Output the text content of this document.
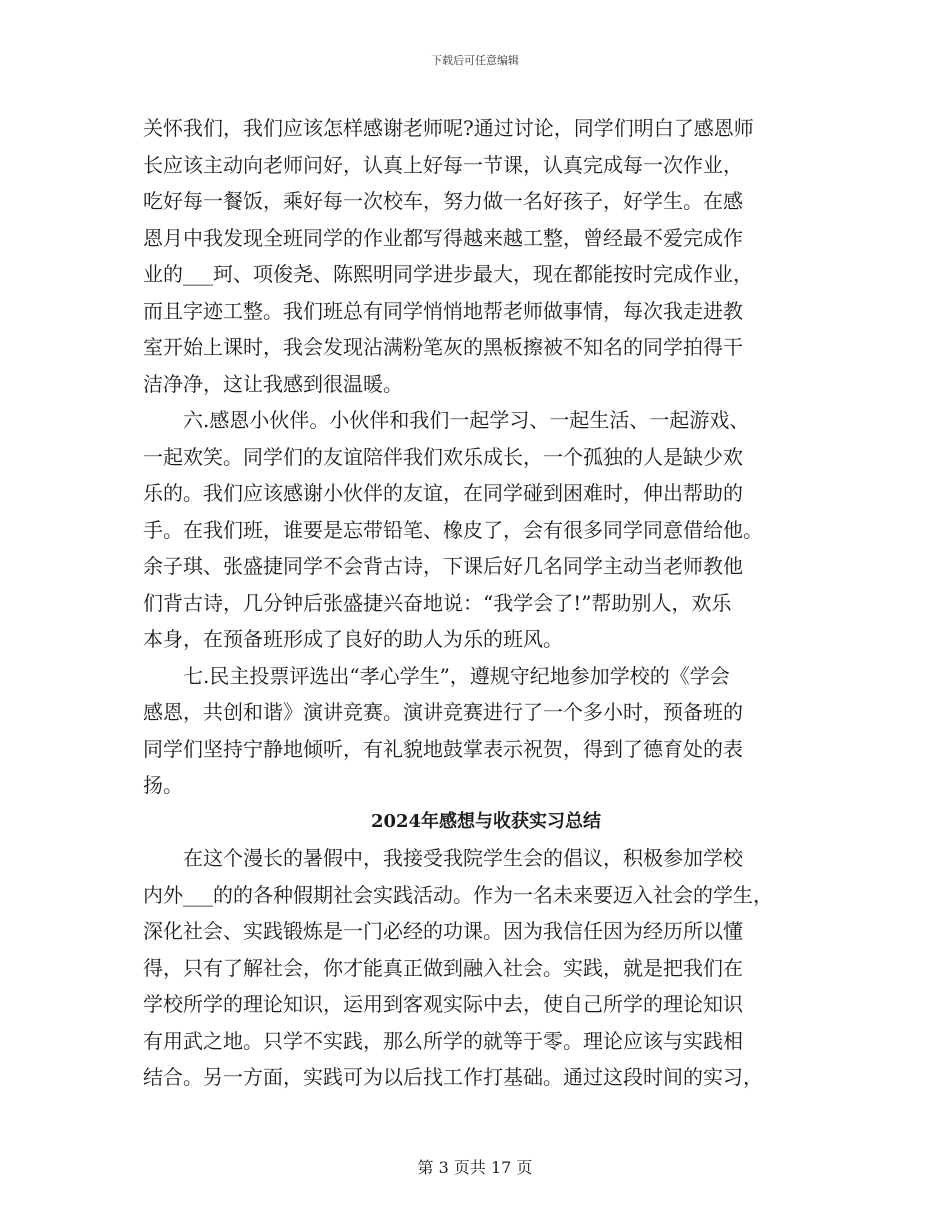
下载后可任意编辑
关怀我们，我们应该怎样感谢老师呢?通过讨论，同学们明白了感恩师
长应该主动向老师问好，认真上好每一节课，认真完成每一次作业，
吃好每一餐饭，乘好每一次校车，努力做一名好孩子，好学生。在感
恩月中我发现全班同学的作业都写得越来越工整，曾经最不爱完成作
业的___珂、项俊尧、陈熙明同学进步最大，现在都能按时完成作业，
而且字迹工整。我们班总有同学悄悄地帮老师做事情，每次我走进教
室开始上课时，我会发现沾满粉笔灰的黑板擦被不知名的同学拍得干
洁净净，这让我感到很温暖。
六.感恩小伙伴。小伙伴和我们一起学习、一起生活、一起游戏、
一起欢笑。同学们的友谊陪伴我们欢乐成长，一个孤独的人是缺少欢
乐的。我们应该感谢小伙伴的友谊，在同学碰到困难时，伸出帮助的
手。在我们班，谁要是忘带铅笔、橡皮了，会有很多同学同意借给他。
余子琪、张盛捷同学不会背古诗，下课后好几名同学主动当老师教他
们背古诗，几分钟后张盛捷兴奋地说：“我学会了!”帮助别人，欢乐
本身，在预备班形成了良好的助人为乐的班风。
七.民主投票评选出“孝心学生”，遵规守纪地参加学校的《学会
感恩，共创和谐》演讲竞赛。演讲竞赛进行了一个多小时，预备班的
同学们坚持宁静地倾听，有礼貌地鼓掌表示祝贺，得到了德育处的表
扬。
2024年感想与收获实习总结
在这个漫长的暑假中，我接受我院学生会的倡议，积极参加学校
内外___的的各种假期社会实践活动。作为一名未来要迈入社会的学生，
深化社会、实践锻炼是一门必经的功课。因为我信任因为经历所以懂
得，只有了解社会，你才能真正做到融入社会。实践，就是把我们在
学校所学的理论知识，运用到客观实际中去，使自己所学的理论知识
有用武之地。只学不实践，那么所学的就等于零。理论应该与实践相
结合。另一方面，实践可为以后找工作打基础。通过这段时间的实习，
第 3 页共 17 页
